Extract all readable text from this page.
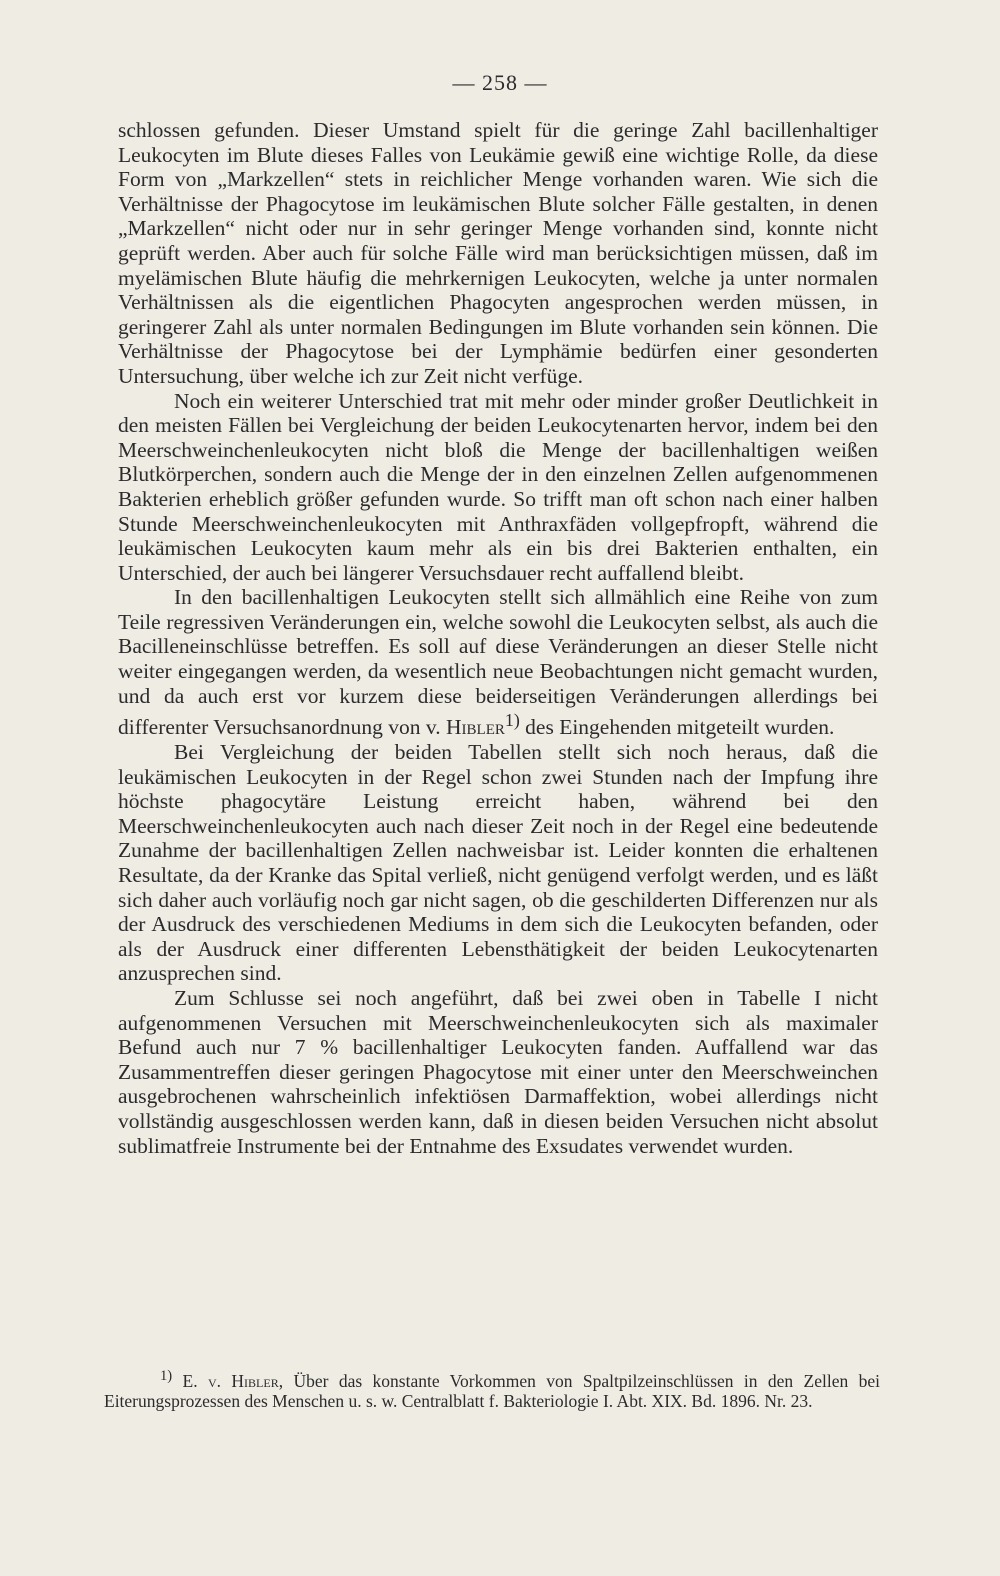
— 258 —

schlossen gefunden. Dieser Umstand spielt für die geringe Zahl bacillenhaltiger Leukocyten im Blute dieses Falles von Leukämie gewiß eine wichtige Rolle, da diese Form von „Markzellen“ stets in reichlicher Menge vorhanden waren. Wie sich die Verhältnisse der Phagocytose im leukämischen Blute solcher Fälle gestalten, in denen „Markzellen“ nicht oder nur in sehr geringer Menge vorhanden sind, konnte nicht geprüft werden. Aber auch für solche Fälle wird man berücksichtigen müssen, daß im myelämischen Blute häufig die mehrkernigen Leukocyten, welche ja unter normalen Verhältnissen als die eigentlichen Phagocyten angesprochen werden müssen, in geringerer Zahl als unter normalen Bedingungen im Blute vorhanden sein können. Die Verhältnisse der Phagocytose bei der Lymphämie bedürfen einer gesonderten Untersuchung, über welche ich zur Zeit nicht verfüge.

Noch ein weiterer Unterschied trat mit mehr oder minder großer Deutlichkeit in den meisten Fällen bei Vergleichung der beiden Leukocytenarten hervor, indem bei den Meerschweinchenleukocyten nicht bloß die Menge der bacillenhaltigen weißen Blutkörperchen, sondern auch die Menge der in den einzelnen Zellen aufgenommenen Bakterien erheblich größer gefunden wurde. So trifft man oft schon nach einer halben Stunde Meerschweinchenleukocyten mit Anthraxfäden vollgepfropft, während die leukämischen Leukocyten kaum mehr als ein bis drei Bakterien enthalten, ein Unterschied, der auch bei längerer Versuchsdauer recht auffallend bleibt.

In den bacillenhaltigen Leukocyten stellt sich allmählich eine Reihe von zum Teile regressiven Veränderungen ein, welche sowohl die Leukocyten selbst, als auch die Bacilleneinschlüsse betreffen. Es soll auf diese Veränderungen an dieser Stelle nicht weiter eingegangen werden, da wesentlich neue Beobachtungen nicht gemacht wurden, und da auch erst vor kurzem diese beiderseitigen Veränderungen allerdings bei differenter Versuchsanordnung von v. Hibler$^{1)}$ des Eingehenden mitgeteilt wurden.

Bei Vergleichung der beiden Tabellen stellt sich noch heraus, daß die leukämischen Leukocyten in der Regel schon zwei Stunden nach der Impfung ihre höchste phagocytäre Leistung erreicht haben, während bei den Meerschweinchenleukocyten auch nach dieser Zeit noch in der Regel eine bedeutende Zunahme der bacillenhaltigen Zellen nachweisbar ist. Leider konnten die erhaltenen Resultate, da der Kranke das Spital verließ, nicht genügend verfolgt werden, und es läßt sich daher auch vorläufig noch gar nicht sagen, ob die geschilderten Differenzen nur als der Ausdruck des verschiedenen Mediums in dem sich die Leukocyten befanden, oder als der Ausdruck einer differenten Lebensthätigkeit der beiden Leukocytenarten anzusprechen sind.

Zum Schlusse sei noch angeführt, daß bei zwei oben in Tabelle I nicht aufgenommenen Versuchen mit Meerschweinchenleukocyten sich als maximaler Befund auch nur 7 % bacillenhaltiger Leukocyten fanden. Auffallend war das Zusammentreffen dieser geringen Phagocytose mit einer unter den Meerschweinchen ausgebrochenen wahrscheinlich infektiösen Darmaffektion, wobei allerdings nicht vollständig ausgeschlossen werden kann, daß in diesen beiden Versuchen nicht absolut sublimatfreie Instrumente bei der Entnahme des Exsudates verwendet wurden.

$^{1)}$ E. v. Hibler, Über das konstante Vorkommen von Spaltpilzeinschlüssen in den Zellen bei Eiterungsprozessen des Menschen u. s. w. Centralblatt f. Bakteriologie I. Abt. XIX. Bd. 1896. Nr. 23.
